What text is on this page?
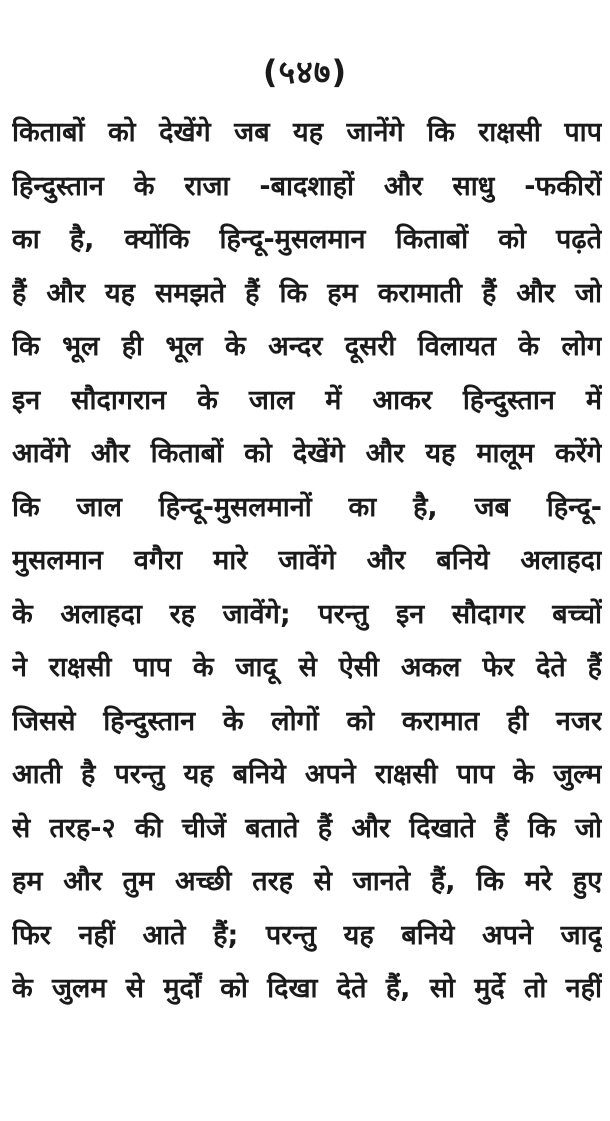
(५४७)
किताबों को देखेंगे जब यह जानेंगे कि राक्षसी पाप
हिन्दुस्तान के राजा -बादशाहों और साधु -फकीरों
का है, क्योंकि हिन्दू-मुसलमान किताबों को पढ़ते
हैं और यह समझते हैं कि हम करामाती हैं और जो
कि भूल ही भूल के अन्दर दूसरी विलायत के लोग
इन सौदागरान के जाल में आकर हिन्दुस्तान में
आवेंगे और किताबों को देखेंगे और यह मालूम करेंगे
कि जाल हिन्दू-मुसलमानों का है, जब हिन्दू-
मुसलमान वगैरा मारे जावेंगे और बनिये अलाहदा
के अलाहदा रह जावेंगे; परन्तु इन सौदागर बच्चों
ने राक्षसी पाप के जादू से ऐसी अकल फेर देते हैं
जिससे हिन्दुस्तान के लोगों को करामात ही नजर
आती है परन्तु यह बनिये अपने राक्षसी पाप के जुल्म
से तरह-२ की चीजें बताते हैं और दिखाते हैं कि जो
हम और तुम अच्छी तरह से जानते हैं, कि मरे हुए
फिर नहीं आते हैं; परन्तु यह बनिये अपने जादू
के जुलम से मुर्दों को दिखा देते हैं, सो मुर्दे तो नहीं
